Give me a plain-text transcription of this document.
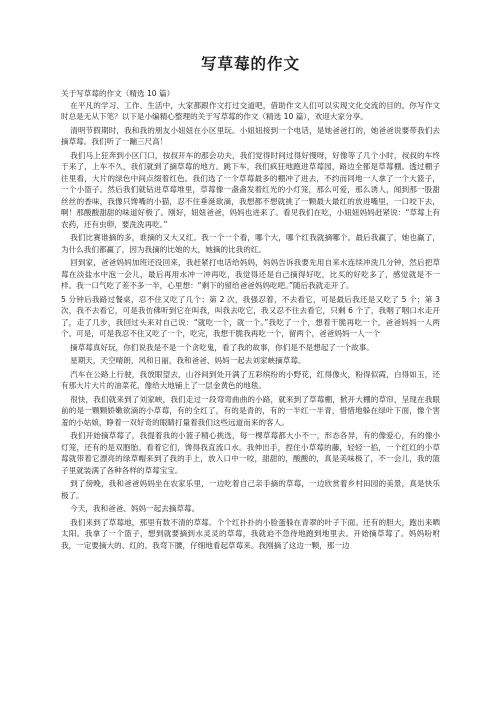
写草莓的作文

关于写草莓的作文（精选 10 篇）

在平凡的学习、工作、生活中，大家都跟作文打过交道吧，借助作文人们可以实现文化交流的目的。你写作文时总是无从下笔？以下是小编精心整理的关于写草莓的作文（精选 10 篇），欢迎大家分享。

清明节假期时，我和我的朋友小妞妞在小区里玩。小妞妞接到一个电话，是她爸爸打的，她爸爸说要带我们去摘草莓。我们听了一蹦三尺高！

我们马上狂奔到小区门口，按叔开车的那会功夫，我们觉得时间过得好慢呀，好像等了几个小时，叔叔的车终于来了，上车不久，我们就到了摘草莓的地方。跳下车，我们疯狂地跑进草莓园，路边全都是草莓棚。透过棚子往里看，大片的绿色中间点缀着红色。我们选了一个草莓最多的棚冲了进去，不约而同地一人拿了一个大篮子，一个小篮子。然后我们就钻进草莓堆里，草莓像一盏盏发着红光的小灯笼，那么可爱，那么诱人，闻到那一股甜丝丝的香味，我像只馋嘴的小猫，忍不住垂涎欲滴，我想都不想就挑了一颗最大最红的放进嘴里，一口咬下去，啊！那酸酸甜甜的味道好极了。刚好，妞妞爸爸，妈妈也进来了。看见我们在吃，小妞妞妈妈赶紧说：“草莓上有农药，还有虫卵，要洗洗再吃。”

我们比赛谁摘的多，谁摘的又大又红。我一个一个看，哪个大，哪个红我就摘哪个。最后我赢了，她也赢了，为什么我们都赢了，因为我摘的比她的大，她摘的比我的红。

回到家，爸爸妈妈加班还没回来，我赶紧打电话给妈妈，妈妈告诉我要先用自来水连续冲洗几分钟，然后把草莓在淡盐水中泡一会儿，最后再用水冲一冲再吃，我觉得还是自己摘得好吃，比买的好吃多了，感觉就是不一样。我一口气吃了差不多一半，心里想：“剩下的留给爸爸妈妈吃吧。”随后我就走开了。

5 分钟后我路过餐桌，忍不住又吃了几个；第 2 次，我强忍着，不去看它，可是最后我还是又吃了 5 个；第 3 次，我不去看它，可是我仿佛听到它在叫我，叫我去吃它，我又忍不住去看它，只剩 6 个了，我咽了咽口水走开了，走了几步，我回过头来对自己说：“就吃一个，就一个。”我吃了一个，想着干脆再吃一个，爸爸妈妈一人两个。可是，可是我忍不住又吃了一个，吃完，我想干脆我再吃一个，留两个，爸爸妈妈一人一个

摘草莓真好玩，你们说我是不是一个贪吃鬼，看了我的故事，你们是不是想起了一个故事。

星期天，天空晴朗，风和日丽，我和爸爸、妈妈一起去刘家峡摘草莓。

汽车在公路上行驶，我放眼望去，山谷间到处开满了五彩缤纷的小野花，红得像火，粉得似霞，白得如玉，还有那大片大片的油菜花，像给大地铺上了一层金黄色的地毯。

很快，我们就来到了刘家峡，我们走过一段弯弯曲曲的小路，就来到了草莓棚，掀开大棚的草帘，呈现在我眼前的是一颗颗娇嫩欲滴的小草莓，有的全红了，有的是青的，有的一半红一半青，惜惜地躲在绿叶下面，像个害羞的小姑娘，睁着一双好奇的眼睛打量着我们这些远道而来的客人。

我们开始摘草莓了，我提着我的小篮子精心挑选，每一棵草莓都大小不一，形态各异，有的像爱心，有的像小灯笼，还有的是双胞胎。看着它们，馋得我直流口水。我伸出手，捏住小草莓的藤，轻轻一掐，一个红红的小草莓就带着它漂亮的绿草帽来到了我的手上，放入口中一咬，甜甜的，酸酸的，真是美味极了，不一会儿，我的篮子里就装满了各种各样的草莓宝宝。

到了傍晚，我和爸爸妈妈坐在农家乐里，一边吃着自己亲手摘的草莓，一边欣赏着乡村田园的美景，真是快乐极了。

今天，我和爸爸、妈妈一起去摘草莓。

我们来到了草莓地，那里有数不清的草莓。个个红扑扑的小脸蛋躲在青翠的叶子下面。还有的胆大，跑出来晒太阳。我拿了一个篮子，想到就要摘到水灵灵的草莓，我就迫不急待地跑到地里去。开始摘草莓了。妈妈吩咐我，一定要摘大的、红的。我弯下腰，仔细地看起草莓来。我刚摘了这边一颗，那一边
